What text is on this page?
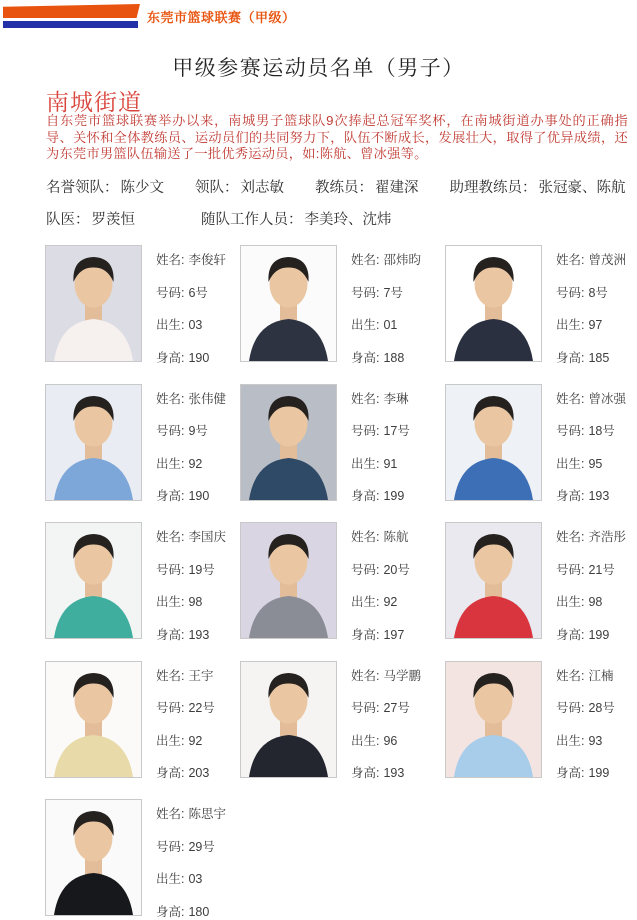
东莞市篮球联赛（甲级）
甲级参赛运动员名单（男子）
南城街道
自东莞市篮球联赛举办以来，南城男子篮球队9次捧起总冠军奖杯，在南城街道办事处的正确指导、关怀和全体教练员、运动员们的共同努力下，队伍不断成长，发展壮大，取得了优异成绩，还为东莞市男篮队伍输送了一批优秀运动员，如:陈航、曾冰强等。
名誉领队： 陈少文 领队： 刘志敏 教练员： 翟建深 助理教练员： 张冠豪、陈航
队医： 罗羡恒	随队工作人员： 李美玲、沈炜
姓名: 李俊轩
号码: 6号
出生: 03
身高: 190
姓名: 邵炜昀
号码: 7号
出生: 01
身高: 188
姓名: 曾茂洲
号码: 8号
出生: 97
身高: 185
姓名: 张伟健
号码: 9号
出生: 92
身高: 190
姓名: 李琳
号码: 17号
出生: 91
身高: 199
姓名: 曾冰强
号码: 18号
出生: 95
身高: 193
姓名: 李国庆
号码: 19号
出生: 98
身高: 193
姓名: 陈航
号码: 20号
出生: 92
身高: 197
姓名: 齐浩彤
号码: 21号
出生: 98
身高: 199
姓名: 王宇
号码: 22号
出生: 92
身高: 203
姓名: 马学鹏
号码: 27号
出生: 96
身高: 193
姓名: 江楠
号码: 28号
出生: 93
身高: 199
姓名: 陈思宇
号码: 29号
出生: 03
身高: 180
